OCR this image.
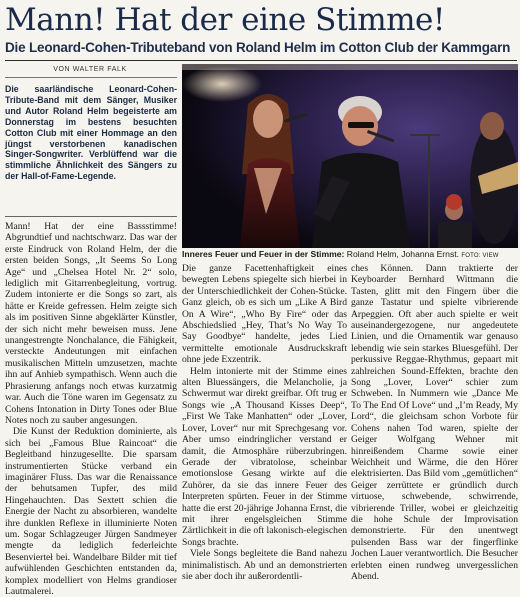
Mann! Hat der eine Stimme!
Die Leonard-Cohen-Tributeband von Roland Helm im Cotton Club der Kammgarn
VON WALTER FALK
Die saarländische Leonard-Cohen-Tribute-Band mit dem Sänger, Musiker und Autor Roland Helm begeisterte am Donnerstag im bestens besuchten Cotton Club mit einer Hommage an den jüngst verstorbenen kanadischen Singer-Songwriter. Verblüffend war die stimmliche Ähnlichkeit des Sängers zu der Hall-of-Fame-Legende.

Mann! Hat der eine Bassstimme! Abgrundtief und nachtschwarz. Das war der erste Eindruck von Roland Helm, der die ersten beiden Songs, „It Seems So Long Age“ und „Chelsea Hotel Nr. 2“ solo, lediglich mit Gitarrenbegleitung, vortrug. Zudem intonierte er die Songs so zart, als hätte er Kreide gefressen. Helm zeigte sich als im positiven Sinne abgeklärter Künstler, der sich nicht mehr beweisen muss. Jene unangestrengte Nonchalance, die Fähigkeit, versteckte Andeutungen mit einfachen musikalischen Mitteln umzusetzen, machte ihn auf Anhieb sympathisch. Wenn auch die Phrasierung anfangs noch etwas kurzatmig war. Auch die Töne waren im Gegensatz zu Cohens Intonation in Dirty Tones oder Blue Notes noch zu sauber angesungen.

Die Kunst der Reduktion dominierte, als sich bei „Famous Blue Raincoat“ die Begleitband hinzugesellte. Die sparsam instrumentierten Stücke verband ein imaginärer Fluss. Das war die Renaissance der behutsamen Tupfer, des mild Hingehauchten. Das Sextett schien die Energie der Nacht zu absorbieren, wandelte ihre dunklen Reflexe in illuminierte Noten um. Sogar Schlagzeuger Jürgen Sandmeyer mengte da lediglich federleichte Besenvierteł bei. Wandelbare Bilder mit tief aufwühlenden Geschichten entstanden da, komplex modelliert von Helms grandioser Lautmalerei.

Inneres Feuer und Feuer in der Stimme: Roland Helm, Johanna Ernst. FOTO: VIEW

Die ganze Facettenhaftigkeit eines bewegten Lebens spiegelte sich hierbei in der Unterschiedlichkeit der Cohen-Stücke. Ganz gleich, ob es sich um „Like A Bird On A Wire“, „Who By Fire“ oder das Abschiedslied „Hey, That’s No Way To Say Goodbye“ handelte, jedes Lied vermittelte emotionale Ausdruckskraft ohne jede Exzentrik.

Helm intonierte mit der Stimme eines alten Bluessängers, die Melancholie, ja Schwermut war direkt greifbar. Oft trug er Songs wie „A Thousand Kisses Deep“, „First We Take Manhatten“ oder „Lover, Lover, Lover“ nur mit Sprechgesang vor. Aber umso eindringlicher verstand er damit, die Atmosphäre rüberzubringen. Gerade der vibratolose, scheinbar emotionslose Gesang wirkte auf die Zuhörer, da sie das innere Feuer des Interpreten spürten. Feuer in der Stimme hatte die erst 20-jährige Johanna Ernst, die mit ihrer engelsgleichen Stimme Zärtlichkeit in die oft lakonisch-elegischen Songs brachte.

Viele Songs begleitete die Band nahezu minimalistisch. Ab und an demonstrierten sie aber doch ihr außerordentli-

ches Können. Dann traktierte der Keyboarder Bernhard Wittmann die Tasten, glitt mit den Fingern über die ganze Tastatur und spielte vibrierende Arpeggien. Oft aber auch spielte er weit auseinandergezogene, nur angedeutete Linien, und die Ornamentik war genauso lebendig wie sein starkes Bluesgefühl. Der perkussive Reggae-Rhythmus, gepaart mit zahlreichen Sound-Effekten, brachte den Song „Lover, Lover“ schier zum Schweben. In Nummern wie „Dance Me To The End Of Love“ und „I’m Ready, My Lord“, die gleichsam schon Vorbote für Cohens nahen Tod waren, spielte der Geiger Wolfgang Wehner mit hinreißendem Charme sowie einer Weichheit und Wärme, die den Hörer elektrisierten. Das Bild vom „gemütlichen“ Geiger zerrüttete er gründlich durch virtuose, schwebende, schwirrende, vibrierende Triller, wobei er gleichzeitig die hohe Schule der Improvisation demonstrierte. Für den unentwegt pulsenden Bass war der fingerflinke Jochen Lauer verantwortlich. Die Besucher erlebten einen rundweg unvergesslichen Abend.
